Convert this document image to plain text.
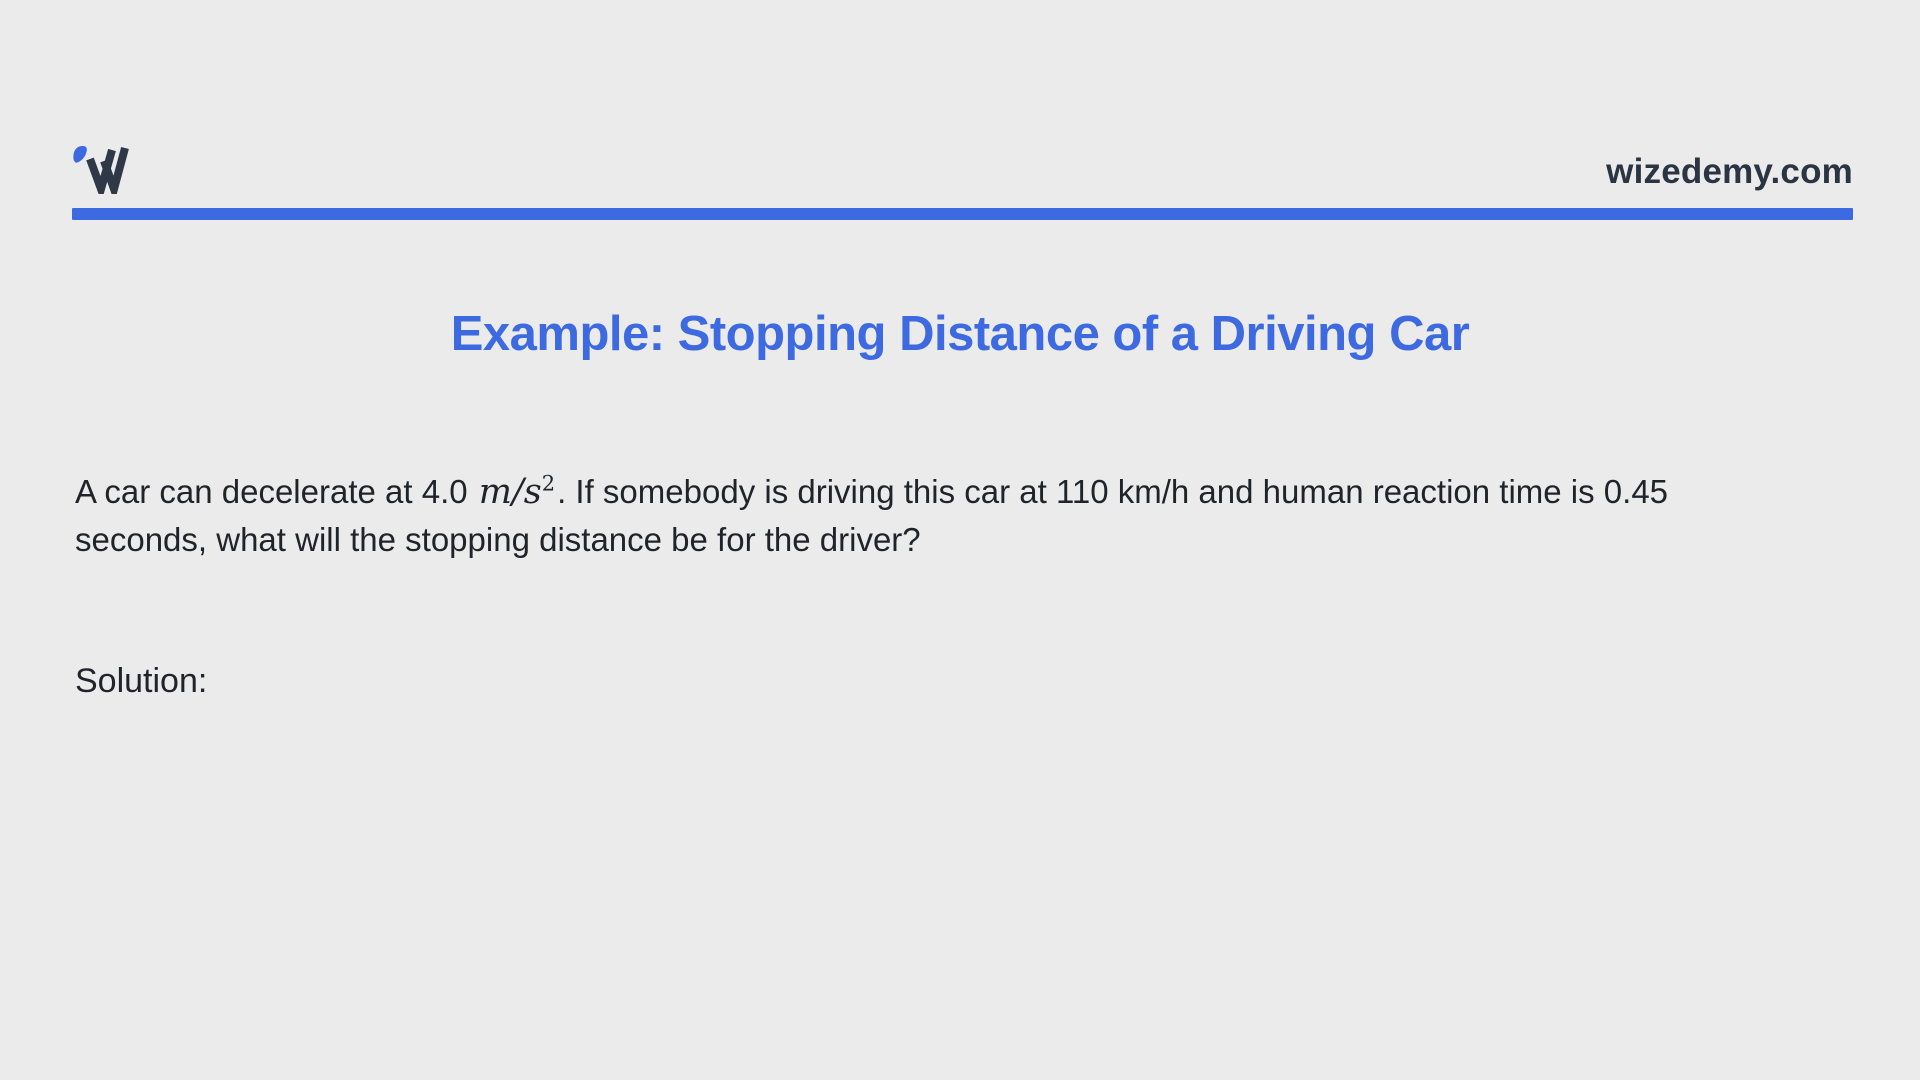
wizedemy.com
Example: Stopping Distance of a Driving Car

A car can decelerate at 4.0 $m/s^2$. If somebody is driving this car at 110 km/h and human reaction time is 0.45
seconds, what will the stopping distance be for the driver?

Solution:
